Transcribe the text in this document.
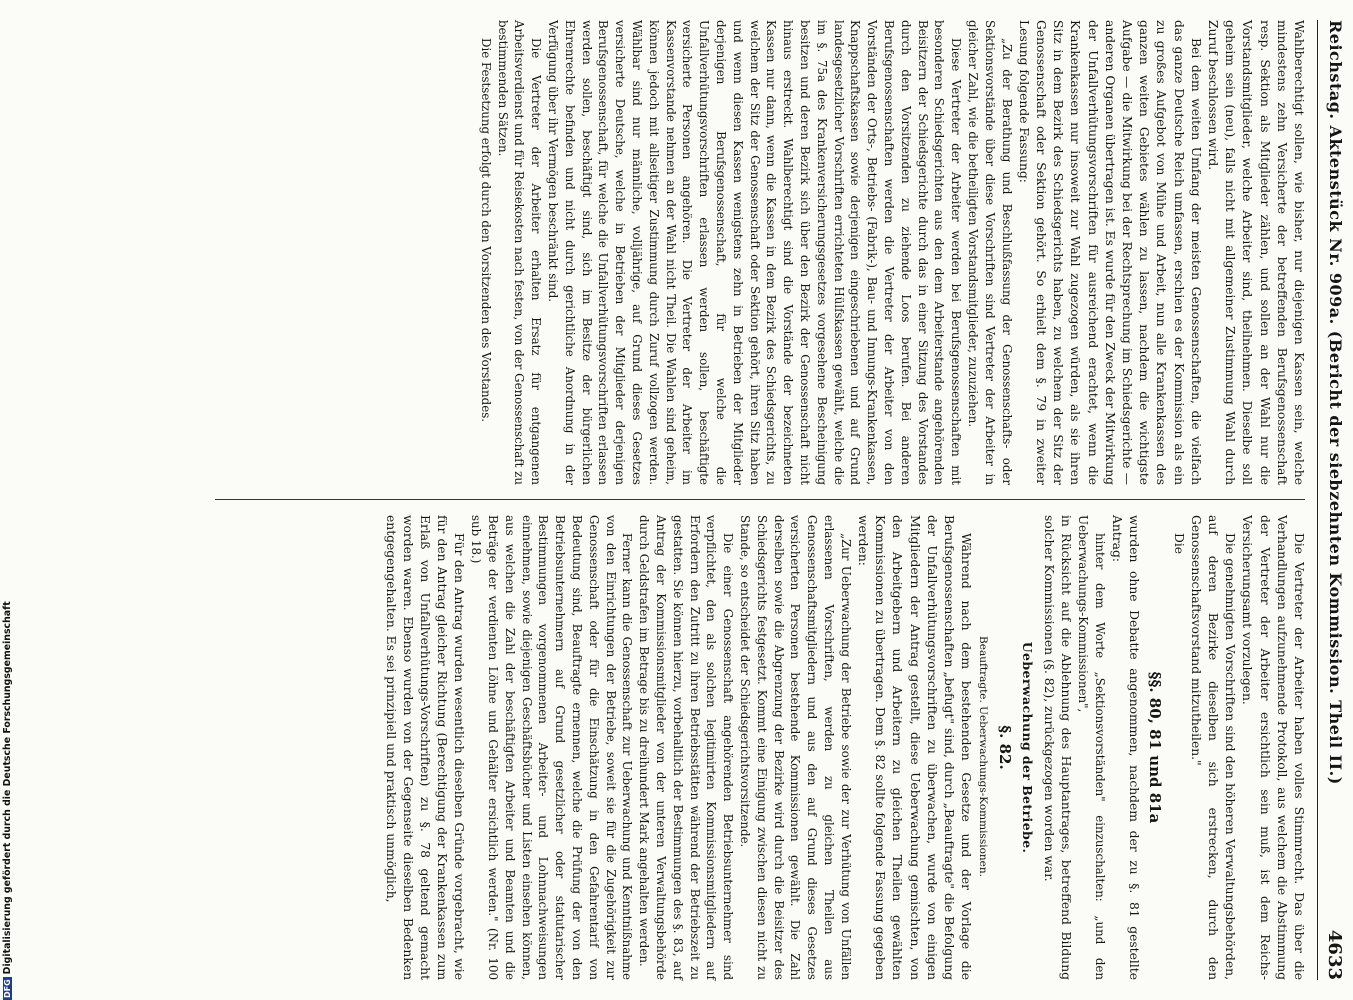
Reichstag. Aktenstück Nr. 909a. (Bericht der siebzehnten Kommission. Theil II.)
4633

Wahlberechtigt sollen, wie bisher, nur diejenigen Kassen sein, welche mindestens zehn Versicherte der betreffenden Berufsgenossenschaft resp. Sektion als Mitglieder zählen, und sollen an der Wahl nur die Vorstandsmitglieder, welche Arbeiter sind, theilnehmen. Dieselbe soll geheim sein (neu), falls nicht mit allgemeiner Zustimmung Wahl durch Zuruf beschlossen wird.

Bei dem weiten Umfang der meisten Genossenschaften, die vielfach das ganze Deutsche Reich umfassen, erschien es der Kommission als ein zu großes Aufgebot von Mühe und Arbeit, nun alle Krankenkassen des ganzen weiten Gebietes wählen zu lassen, nachdem die wichtigste Aufgabe — die Mitwirkung bei der Rechtsprechung im Schiedsgerichte — anderen Organen übertragen ist. Es wurde für den Zweck der Mitwirkung der Unfallverhütungsvorschriften für ausreichend erachtet, wenn die Krankenkassen nur insoweit zur Wahl zugezogen würden, als sie ihren Sitz in dem Bezirk des Schiedsgerichts haben, zu welchem der Sitz der Genossenschaft oder Sektion gehört. So erhielt dem §. 79 in zweiter Lesung folgende Fassung:

„Zu der Berathung und Beschlußfassung der Genossenschafts- oder Sektionsvorstände über diese Vorschriften sind Vertreter der Arbeiter in gleicher Zahl, wie die betheiligten Vorstandsmitglieder, zuzuziehen.

Diese Vertreter der Arbeiter werden bei Berufsgenossenschaften mit besonderen Schiedsgerichten aus den dem Arbeiterstande angehörenden Beisitzern der Schiedsgerichte durch das in einer Sitzung des Vorstandes durch den Vorsitzenden zu ziehende Loos berufen. Bei anderen Berufsgenossenschaften werden die Vertreter der Arbeiter von den Vorständen der Orts-, Betriebs- (Fabrik-), Bau- und Innungs-Krankenkassen, Knappschaftskassen sowie derjenigen eingeschriebenen und auf Grund landesgesetzlicher Vorschriften errichteten Hülfskassen gewählt, welche die im §. 75a des Krankenversicherungsgesetzes vorgesehene Bescheinigung besitzen und deren Bezirk sich über den Bezirk der Genossenschaft nicht hinaus erstreckt. Wahlberechtigt sind die Vorstände der bezeichneten Kassen nur dann, wenn die Kassen in dem Bezirk des Schiedsgerichts, zu welchem der Sitz der Genossenschaft oder Sektion gehört, ihren Sitz haben und wenn diesen Kassen wenigstens zehn in Betrieben der Mitglieder derjenigen Berufsgenossenschaft, für welche die Unfallverhütungsvorschriften erlassen werden sollen, beschäftigte versicherte Personen angehören. Die Vertreter der Arbeiter im Kassenvorstande nehmen an der Wahl nicht Theil. Die Wahlen sind geheim, können jedoch mit allseitiger Zustimmung durch Zuruf vollzogen werden. Wählbar sind nur männliche, volljährige, auf Grund dieses Gesetzes versicherte Deutsche, welche in Betrieben der Mitglieder derjenigen Berufsgenossenschaft, für welche die Unfallverhütungsvorschriften erlassen werden sollen, beschäftigt sind, sich im Besitze der bürgerlichen Ehrenrechte befinden und nicht durch gerichtliche Anordnung in der Verfügung über ihr Vermögen beschränkt sind.

Die Vertreter der Arbeiter erhalten Ersatz für entgangenen Arbeitsverdienst und für Reisekosten nach festen, von der Genossenschaft zu bestimmenden Sätzen.

Die Festsetzung erfolgt durch den Vorsitzenden des Vorstandes.

Die Vertreter der Arbeiter haben volles Stimmrecht. Das über die Verhandlungen aufzunehmende Protokoll, aus welchem die Abstimmung der Vertreter der Arbeiter ersichtlich sein muß, ist dem Reichs-Versicherungsamt vorzulegen.

Die genehmigten Vorschriften sind den höheren Verwaltungsbehörden, auf deren Bezirke dieselben sich erstrecken, durch den Genossenschaftsvorstand mitzutheilen."

Die

§§. 80, 81 und 81a

wurden ohne Debatte angenommen, nachdem der zu §. 81 gestellte Antrag:

hinter dem Worte „Sektionsvorständen" einzuschalten: „und den Ueberwachungs-Kommissionen",

in Rücksicht auf die Ablehnung des Hauptantrages, betreffend Bildung solcher Kommissionen (§. 82), zurückgezogen worden war.

Ueberwachung der Betriebe.
§. 82.

Beauftragte. Ueberwachungs-Kommissionen.

Während nach dem bestehenden Gesetze und der Vorlage die Berufsgenossenschaften „befugt" sind, durch „Beauftragte" die Befolgung der Unfallverhütungsvorschriften zu überwachen, wurde von einigen Mitgliedern der Antrag gestellt, diese Ueberwachung gemischten, von den Arbeitgebern und Arbeitern zu gleichen Theilen gewählten Kommissionen zu übertragen. Dem §. 82 sollte folgende Fassung gegeben werden:

„Zur Ueberwachung der Betriebe sowie der zur Verhütung von Unfällen erlassenen Vorschriften, werden zu gleichen Theilen aus Genossenschaftsmitgliedern und aus den auf Grund dieses Gesetzes versicherten Personen bestehende Kommissionen gewählt. Die Zahl derselben sowie die Abgrenzung der Bezirke wird durch die Beisitzer des Schiedsgerichts festgesetzt. Kommt eine Einigung zwischen diesen nicht zu Stande, so entscheidet der Schiedsgerichtsvorsitzende.

Die einer Genossenschaft angehörenden Betriebsunternehmer sind verpflichtet, den als solchen legitimirten Kommissionsmitgliedern auf Erfordern den Zutritt zu ihren Betriebsstätten während der Betriebszeit zu gestatten. Sie können hierzu, vorbehaltlich der Bestimmungen des §. 83, auf Antrag der Kommissionsmitglieder von der unteren Verwaltungsbehörde durch Geldstrafen im Betrage bis zu dreihundert Mark angehalten werden.

Ferner kann die Genossenschaft zur Ueberwachung und Kenntnißnahme von den Einrichtungen der Betriebe, soweit sie für die Zugehörigkeit zur Genossenschaft oder für die Einschätzung in den Gefahrentarif von Bedeutung sind, Beauftragte ernennen, welche die Prüfung der von den Betriebsunternehmern auf Grund gesetzlicher oder statutarischer Bestimmungen vorgenommenen Arbeiter- und Lohnnachweisungen einnehmen, sowie diejenigen Geschäftsbücher und Listen einsehen können, aus welchen die Zahl der beschäftigten Arbeiter und Beamten und die Beträge der verdienten Löhne und Gehälter ersichtlich werden." (Nr. 100 sub 18.)

Für den Antrag wurden wesentlich dieselben Gründe vorgebracht, wie für den Antrag gleicher Richtung (Berechtigung der Krankenkassen zum Erlaß von Unfallverhütungs-Vorschriften) zu §. 78 geltend gemacht worden waren. Ebenso wurden von der Gegenseite dieselben Bedenken entgegengehalten. Es sei prinzipiell und praktisch unmöglich,

DFGDigitalisierung gefördert durch die Deutsche Forschungsgemeinschaft
